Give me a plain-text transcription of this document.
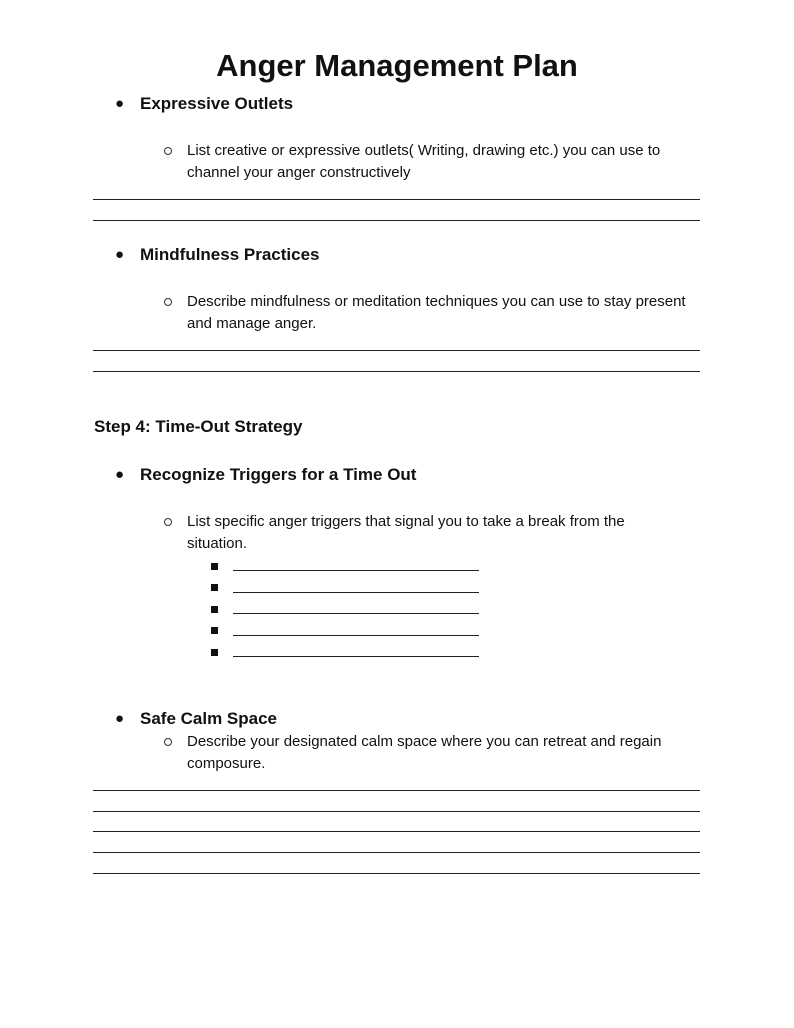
Anger Management Plan
● Expressive Outlets
List creative or expressive outlets( Writing, drawing etc.) you can use to channel your anger constructively
● Mindfulness Practices
Describe mindfulness or meditation techniques you can use to stay present and manage anger.
Step 4: Time-Out Strategy
● Recognize Triggers for a Time Out
List specific anger triggers that signal you to take a break from the situation.
● Safe Calm Space
Describe your designated calm space where you can retreat and regain composure.
